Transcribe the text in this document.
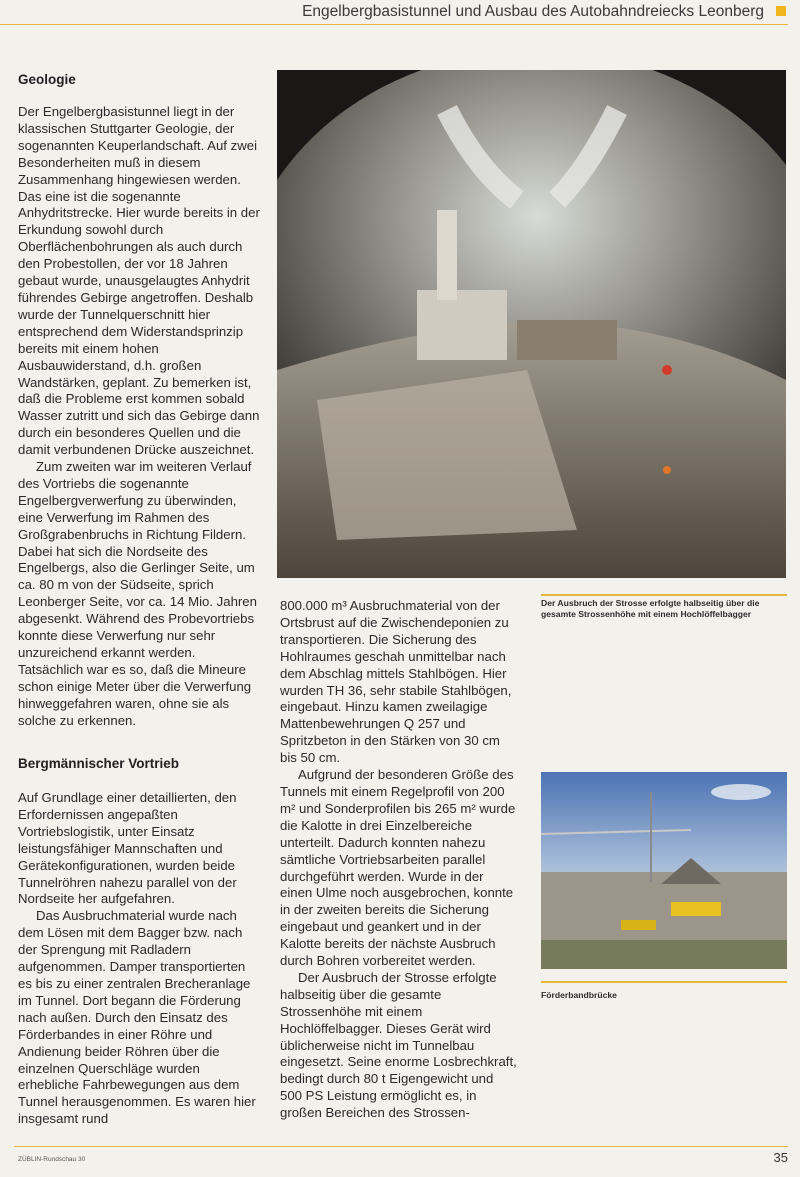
Engelbergbasistunnel und Ausbau des Autobahndreiecks Leonberg
Geologie
Bergmännischer Vortrieb

Der Engelbergbasistunnel liegt in der klassischen Stuttgarter Geologie, der sogenannten Keuperlandschaft. Auf zwei Besonderheiten muß in diesem Zusammenhang hingewiesen werden. Das eine ist die sogenannte Anhydritstrecke. Hier wurde bereits in der Erkundung sowohl durch Oberflächenbohrungen als auch durch den Probestollen, der vor 18 Jahren gebaut wurde, unausgelaugtes Anhydrit führendes Gebirge angetroffen. Deshalb wurde der Tunnelquerschnitt hier entsprechend dem Widerstandsprinzip bereits mit einem hohen Ausbauwiderstand, d.h. großen Wandstärken, geplant. Zu bemerken ist, daß die Probleme erst kommen sobald Wasser zutritt und sich das Gebirge dann durch ein besonderes Quellen und die damit verbundenen Drücke auszeichnet.

Zum zweiten war im weiteren Verlauf des Vortriebs die sogenannte Engelbergverwerfung zu überwinden, eine Verwerfung im Rahmen des Großgrabenbruchs in Richtung Fildern. Dabei hat sich die Nordseite des Engelbergs, also die Gerlinger Seite, um ca. 80 m von der Südseite, sprich Leonberger Seite, vor ca. 14 Mio. Jahren abgesenkt. Während des Probevortriebs konnte diese Verwerfung nur sehr unzureichend erkannt werden. Tatsächlich war es so, daß die Mineure schon einige Meter über die Verwerfung hinweggefahren waren, ohne sie als solche zu erkennen.

Auf Grundlage einer detaillierten, den Erfordernissen angepaßten Vortriebslogistik, unter Einsatz leistungsfähiger Mannschaften und Gerätekonfigurationen, wurden beide Tunnelröhren nahezu parallel von der Nordseite her aufgefahren.

Das Ausbruchmaterial wurde nach dem Lösen mit dem Bagger bzw. nach der Sprengung mit Radladern aufgenommen. Damper transportierten es bis zu einer zentralen Brecheranlage im Tunnel. Dort begann die Förderung nach außen. Durch den Einsatz des Förderbandes in einer Röhre und Andienung beider Röhren über die einzelnen Querschläge wurden erhebliche Fahrbewegungen aus dem Tunnel herausgenommen. Es waren hier insgesamt rund

800.000 m³ Ausbruchmaterial von der Ortsbrust auf die Zwischendeponien zu transportieren. Die Sicherung des Hohlraumes geschah unmittelbar nach dem Abschlag mittels Stahlbögen. Hier wurden TH 36, sehr stabile Stahlbögen, eingebaut. Hinzu kamen zweilagige Mattenbewehrungen Q 257 und Spritzbeton in den Stärken von 30 cm bis 50 cm.

Aufgrund der besonderen Größe des Tunnels mit einem Regelprofil von 200 m² und Sonderprofilen bis 265 m² wurde die Kalotte in drei Einzelbereiche unterteilt. Dadurch konnten nahezu sämtliche Vortriebsarbeiten parallel durchgeführt werden. Wurde in der einen Ulme noch ausgebrochen, konnte in der zweiten bereits die Sicherung eingebaut und geankert und in der Kalotte bereits der nächste Ausbruch durch Bohren vorbereitet werden.

Der Ausbruch der Strosse erfolgte halbseitig über die gesamte Strossenhöhe mit einem Hochlöffelbagger. Dieses Gerät wird üblicherweise nicht im Tunnelbau eingesetzt. Seine enorme Losbrechkraft, bedingt durch 80 t Eigengewicht und 500 PS Leistung ermöglicht es, in großen Bereichen des Strossen-

Der Ausbruch der Strosse erfolgte halbseitig über die gesamte Strossenhöhe mit einem Hochlöffelbagger
Förderbandbrücke
ZÜBLIN-Rundschau 30	35
